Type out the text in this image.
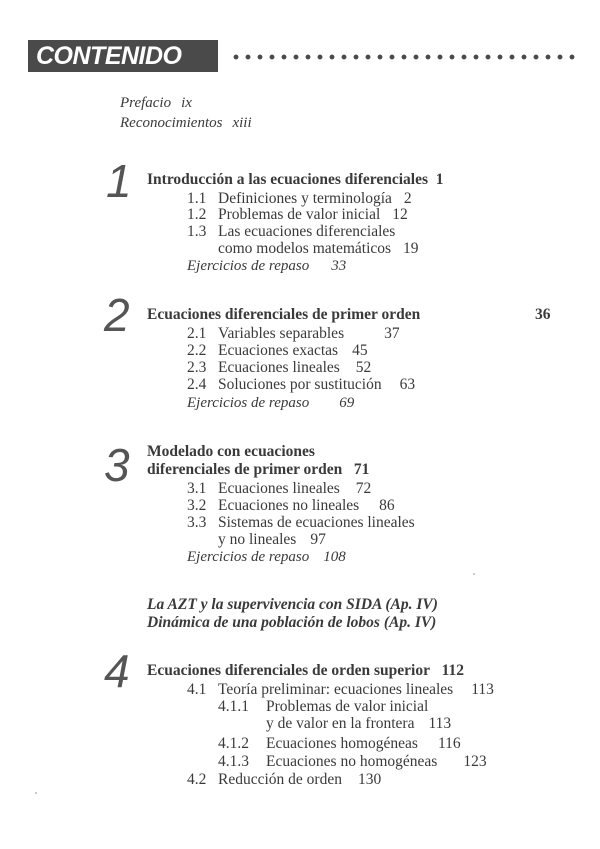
CONTENIDO
Prefacio ix
Reconocimientos xiii
1 Introducción a las ecuaciones diferenciales 1
1.1 Definiciones y terminología 2
1.2 Problemas de valor inicial 12
1.3 Las ecuaciones diferenciales
como modelos matemáticos 19
Ejercicios de repaso 33
2 Ecuaciones diferenciales de primer orden	36
2.1 Variables separables	37
2.2 Ecuaciones exactas 45
2.3 Ecuaciones lineales 52
2.4 Soluciones por sustitución 63
Ejercicios de repaso 69
3 Modelado con ecuaciones
diferenciales de primer orden 71
3.1 Ecuaciones lineales 72
3.2 Ecuaciones no lineales 86
3.3 Sistemas de ecuaciones lineales
y no lineales 97
Ejercicios de repaso 108
La AZT y la supervivencia con SIDA (Ap. IV)
Dinámica de una población de lobos (Ap. IV)
4 Ecuaciones diferenciales de orden superior 112
4.1 Teoría preliminar: ecuaciones lineales 113
4.1.1 Problemas de valor inicial
y de valor en la frontera 113
4.1.2 Ecuaciones homogéneas 116
4.1.3 Ecuaciones no homogéneas 123
4.2 Reducción de orden 130
